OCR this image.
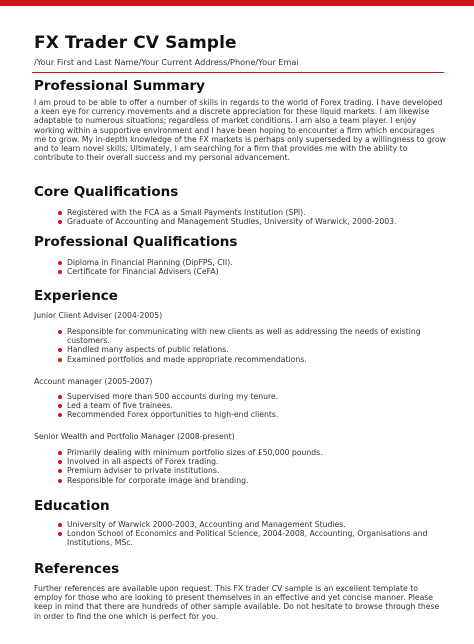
FX Trader CV Sample
/Your First and Last Name/Your Current Address/Phone/Your Emai
Professional Summary

I am proud to be able to offer a number of skills in regards to the world of Forex trading. I have developed a keen eye for currency movements and a discrete appreciation for these liquid markets. I am likewise adaptable to numerous situations; regardless of market conditions. I am also a team player. I enjoy working within a supportive environment and I have been hoping to encounter a firm which encourages me to grow. My in-depth knowledge of the FX markets is perhaps only superseded by a willingness to grow and to learn novel skills. Ultimately, I am searching for a firm that provides me with the ability to contribute to their overall success and my personal advancement.

Core Qualifications
Registered with the FCA as a Small Payments Institution (SPI).
Graduate of Accounting and Management Studies, University of Warwick, 2000-2003.
Professional Qualifications
Diploma in Financial Planning (DipFPS, CII).
Certificate for Financial Advisers (CeFA)
Experience
Junior Client Adviser (2004-2005)
Responsible for communicating with new clients as well as addressing the needs of existing customers.
Handled many aspects of public relations.
Examined portfolios and made appropriate recommendations.
Account manager (2005-2007)
Supervised more than 500 accounts during my tenure.
Led a team of five trainees.
Recommended Forex opportunities to high-end clients.
Senior Wealth and Portfolio Manager (2008-present)
Primarily dealing with minimum portfolio sizes of £50,000 pounds.
Involved in all aspects of Forex trading.
Premium adviser to private institutions.
Responsible for corporate image and branding.
Education
University of Warwick 2000-2003, Accounting and Management Studies.
London School of Economics and Political Science, 2004-2008, Accounting, Organisations and Institutions, MSc.
References

Further references are available upon request. This FX trader CV sample is an excellent template to employ for those who are looking to present themselves in an effective and yet concise manner. Please keep in mind that there are hundreds of other sample available. Do not hesitate to browse through these in order to find the one which is perfect for you.
